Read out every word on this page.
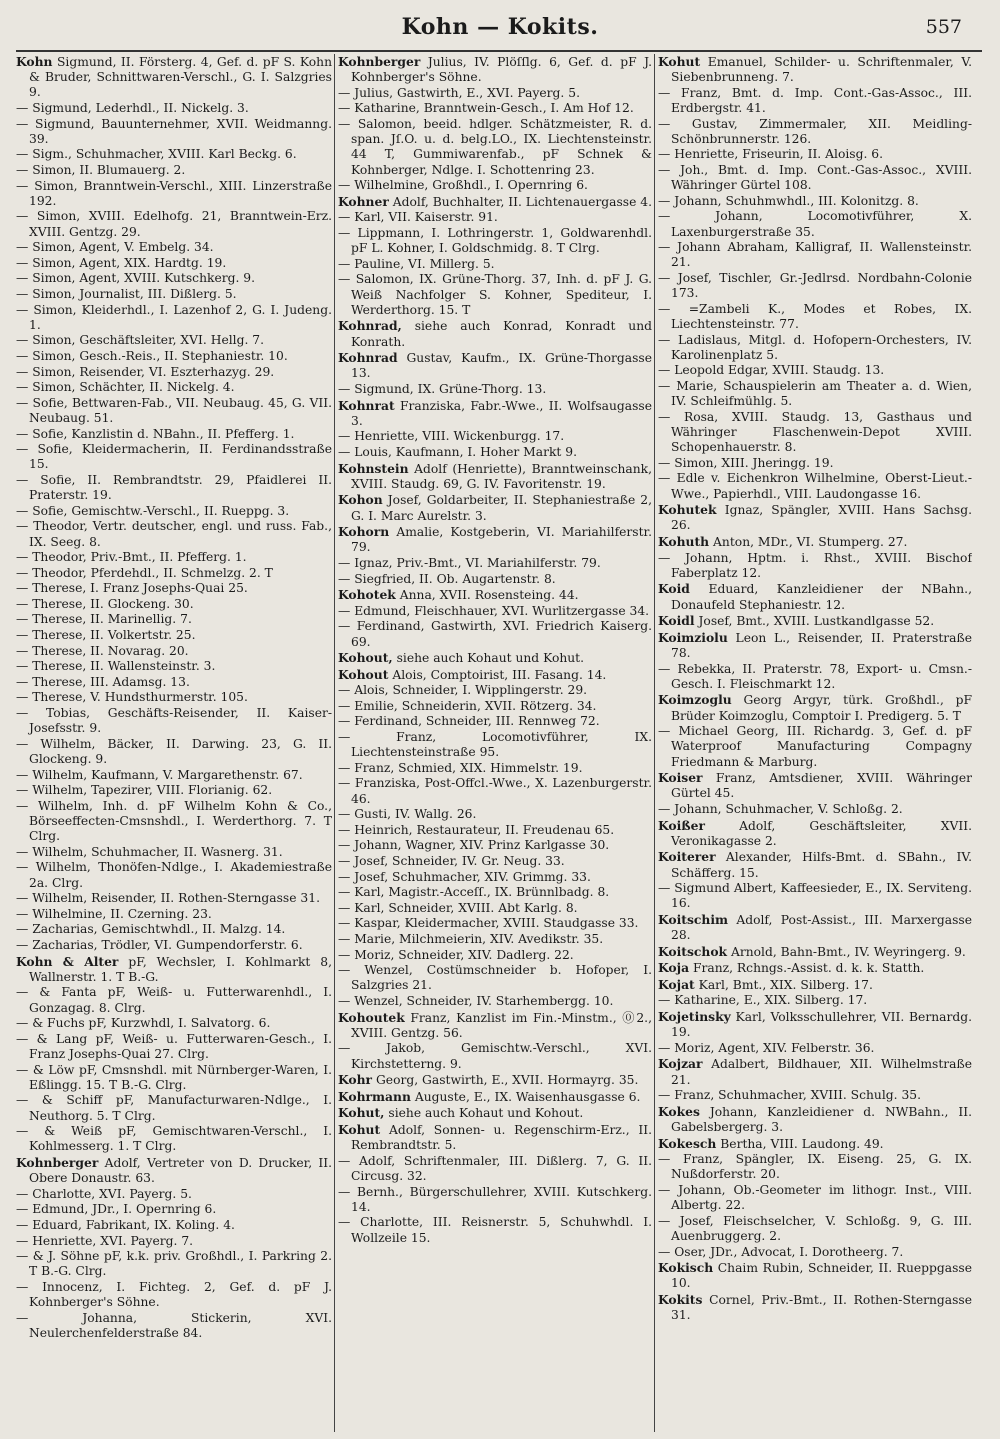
Kohn — Kokits.	557

Kohn Sigmund, II. Försterg. 4, Gef. d. pF S. Kohn & Bruder, Schnittwaren-Verschl., G. I. Salzgries 9.

— Sigmund, Lederhdl., II. Nickelg. 3.

— Sigmund, Bauunternehmer, XVII. Weidmanng. 39.

— Sigm., Schuhmacher, XVIII. Karl Beckg. 6.

— Simon, II. Blumauerg. 2.

— Simon, Branntwein-Verschl., XIII. Linzerstraße 192.

— Simon, XVIII. Edelhofg. 21, Branntwein-Erz. XVIII. Gentzg. 29.

— Simon, Agent, V. Embelg. 34.

— Simon, Agent, XIX. Hardtg. 19.

— Simon, Agent, XVIII. Kutschkerg. 9.

— Simon, Journalist, III. Dißlerg. 5.

— Simon, Kleiderhdl., I. Lazenhof 2, G. I. Judeng. 1.

— Simon, Geschäftsleiter, XVI. Hellg. 7.

— Simon, Gesch.-Reis., II. Stephaniestr. 10.

— Simon, Reisender, VI. Eszterhazyg. 29.

— Simon, Schächter, II. Nickelg. 4.

— Sofie, Bettwaren-Fab., VII. Neubaug. 45, G. VII. Neubaug. 51.

— Sofie, Kanzlistin d. NBahn., II. Pfefferg. 1.

— Sofie, Kleidermacherin, II. Ferdinandsstraße 15.

— Sofie, II. Rembrandtstr. 29, Pfaidlerei II. Praterstr. 19.

— Sofie, Gemischtw.-Verschl., II. Rueppg. 3.

— Theodor, Vertr. deutscher, engl. und russ. Fab., IX. Seeg. 8.

— Theodor, Priv.-Bmt., II. Pfefferg. 1.

— Theodor, Pferdehdl., II. Schmelzg. 2. T

— Therese, I. Franz Josephs-Quai 25.

— Therese, II. Glockeng. 30.

— Therese, II. Marinellig. 7.

— Therese, II. Volkertstr. 25.

— Therese, II. Novarag. 20.

— Therese, II. Wallensteinstr. 3.

— Therese, III. Adamsg. 13.

— Therese, V. Hundsthurmerstr. 105.

— Tobias, Geschäfts-Reisender, II. Kaiser-Josefsstr. 9.

— Wilhelm, Bäcker, II. Darwing. 23, G. II. Glockeng. 9.

— Wilhelm, Kaufmann, V. Margarethenstr. 67.

— Wilhelm, Tapezirer, VIII. Florianig. 62.

— Wilhelm, Inh. d. pF Wilhelm Kohn & Co., Börseeffecten-Cmsnshdl., I. Werderthorg. 7. T Clrg.

— Wilhelm, Schuhmacher, II. Wasnerg. 31.

— Wilhelm, Thonöfen-Ndlge., I. Akademiestraße 2a. Clrg.

— Wilhelm, Reisender, II. Rothen-Sterngasse 31.

— Wilhelmine, II. Czerning. 23.

— Zacharias, Gemischtwhdl., II. Malzg. 14.

— Zacharias, Trödler, VI. Gumpendorferstr. 6.

Kohn & Alter pF, Wechsler, I. Kohlmarkt 8, Wallnerstr. 1. T B.-G.

— & Fanta pF, Weiß- u. Futterwarenhdl., I. Gonzagag. 8. Clrg.

— & Fuchs pF, Kurzwhdl, I. Salvatorg. 6.

— & Lang pF, Weiß- u. Futterwaren-Gesch., I. Franz Josephs-Quai 27. Clrg.

— & Löw pF, Cmsnshdl. mit Nürnberger-Waren, I. Eßlingg. 15. T B.-G. Clrg.

— & Schiff pF, Manufacturwaren-Ndlge., I. Neuthorg. 5. T Clrg.

— & Weiß pF, Gemischtwaren-Verschl., I. Kohlmesserg. 1. T Clrg.

Kohnberger Adolf, Vertreter von D. Drucker, II. Obere Donaustr. 63.

— Charlotte, XVI. Payerg. 5.

— Edmund, JDr., I. Opernring 6.

— Eduard, Fabrikant, IX. Koling. 4.

— Henriette, XVI. Payerg. 7.

— & J. Söhne pF, k.k. priv. Großhdl., I. Parkring 2. T B.-G. Clrg.

— Innocenz, I. Fichteg. 2, Gef. d. pF J. Kohnberger's Söhne.

— Johanna, Stickerin, XVI. Neulerchenfelderstraße 84.

Kohnberger Julius, IV. Plöſſlg. 6, Gef. d. pF J. Kohnberger's Söhne.

— Julius, Gastwirth, E., XVI. Payerg. 5.

— Katharine, Branntwein-Gesch., I. Am Hof 12.

— Salomon, beeid. hdlger. Schätzmeister, R. d. span. Jſ.O. u. d. belg.LO., IX. Liechtensteinstr. 44 T, Gummiwarenfab., pF Schnek & Kohnberger, Ndlge. I. Schottenring 23.

— Wilhelmine, Großhdl., I. Opernring 6.

Kohner Adolf, Buchhalter, II. Lichtenauergasse 4.

— Karl, VII. Kaiserstr. 91.

— Lippmann, I. Lothringerstr. 1, Goldwarenhdl. pF L. Kohner, I. Goldschmidg. 8. T Clrg.

— Pauline, VI. Millerg. 5.

— Salomon, IX. Grüne-Thorg. 37, Inh. d. pF J. G. Weiß Nachfolger S. Kohner, Spediteur, I. Werderthorg. 15. T

Kohnrad, siehe auch Konrad, Konradt und Konrath.

Kohnrad Gustav, Kaufm., IX. Grüne-Thorgasse 13.

— Sigmund, IX. Grüne-Thorg. 13.

Kohnrat Franziska, Fabr.-Wwe., II. Wolfsaugasse 3.

— Henriette, VIII. Wickenburgg. 17.

— Louis, Kaufmann, I. Hoher Markt 9.

Kohnstein Adolf (Henriette), Branntweinschank, XVIII. Staudg. 69, G. IV. Favoritenstr. 19.

Kohon Josef, Goldarbeiter, II. Stephaniestraße 2, G. I. Marc Aurelstr. 3.

Kohorn Amalie, Kostgeberin, VI. Mariahilferstr. 79.

— Ignaz, Priv.-Bmt., VI. Mariahilferstr. 79.

— Siegfried, II. Ob. Augartenstr. 8.

Kohotek Anna, XVII. Rosensteing. 44.

— Edmund, Fleischhauer, XVI. Wurlitzergasse 34.

— Ferdinand, Gastwirth, XVI. Friedrich Kaiserg. 69.

Kohout, siehe auch Kohaut und Kohut.

Kohout Alois, Comptoirist, III. Fasang. 14.

— Alois, Schneider, I. Wipplingerstr. 29.

— Emilie, Schneiderin, XVII. Rötzerg. 34.

— Ferdinand, Schneider, III. Rennweg 72.

— Franz, Locomotivführer, IX. Liechtensteinstraße 95.

— Franz, Schmied, XIX. Himmelstr. 19.

— Franziska, Post-Offcl.-Wwe., X. Lazenburgerstr. 46.

— Gusti, IV. Wallg. 26.

— Heinrich, Restaurateur, II. Freudenau 65.

— Johann, Wagner, XIV. Prinz Karlgasse 30.

— Josef, Schneider, IV. Gr. Neug. 33.

— Josef, Schuhmacher, XIV. Grimmg. 33.

— Karl, Magistr.-Acceſſ., IX. Brünnlbadg. 8.

— Karl, Schneider, XVIII. Abt Karlg. 8.

— Kaspar, Kleidermacher, XVIII. Staudgasse 33.

— Marie, Milchmeierin, XIV. Avedikstr. 35.

— Moriz, Schneider, XIV. Dadlerg. 22.

— Wenzel, Costümschneider b. Hofoper, I. Salzgries 21.

— Wenzel, Schneider, IV. Starhembergg. 10.

Kohoutek Franz, Kanzlist im Fin.-Minstm., ⓪2., XVIII. Gentzg. 56.

— Jakob, Gemischtw.-Verschl., XVI. Kirchstetterng. 9.

Kohr Georg, Gastwirth, E., XVII. Hormayrg. 35.

Kohrmann Auguste, E., IX. Waisenhausgasse 6.

Kohut, siehe auch Kohaut und Kohout.

Kohut Adolf, Sonnen- u. Regenschirm-Erz., II. Rembrandtstr. 5.

— Adolf, Schriftenmaler, III. Dißlerg. 7, G. II. Circusg. 32.

— Bernh., Bürgerschullehrer, XVIII. Kutschkerg. 14.

— Charlotte, III. Reisnerstr. 5, Schuhwhdl. I. Wollzeile 15.

Kohut Emanuel, Schilder- u. Schriftenmaler, V. Siebenbrunneng. 7.

— Franz, Bmt. d. Imp. Cont.-Gas-Assoc., III. Erdbergstr. 41.

— Gustav, Zimmermaler, XII. Meidling-Schönbrunnerstr. 126.

— Henriette, Friseurin, II. Aloisg. 6.

— Joh., Bmt. d. Imp. Cont.-Gas-Assoc., XVIII. Währinger Gürtel 108.

— Johann, Schuhmwhdl., III. Kolonitzg. 8.

— Johann, Locomotivführer, X. Laxenburgerstraße 35.

— Johann Abraham, Kalligraf, II. Wallensteinstr. 21.

— Josef, Tischler, Gr.-Jedlrsd. Nordbahn-Colonie 173.

— =Zambeli K., Modes et Robes, IX. Liechtensteinstr. 77.

— Ladislaus, Mitgl. d. Hofopern-Orchesters, IV. Karolinenplatz 5.

— Leopold Edgar, XVIII. Staudg. 13.

— Marie, Schauspielerin am Theater a. d. Wien, IV. Schleifmühlg. 5.

— Rosa, XVIII. Staudg. 13, Gasthaus und Währinger Flaschenwein-Depot XVIII. Schopenhauerstr. 8.

— Simon, XIII. Jheringg. 19.

— Edle v. Eichenkron Wilhelmine, Oberst-Lieut.-Wwe., Papierhdl., VIII. Laudongasse 16.

Kohutek Ignaz, Spängler, XVIII. Hans Sachsg. 26.

Kohuth Anton, MDr., VI. Stumperg. 27.

— Johann, Hptm. i. Rhst., XVIII. Bischof Faberplatz 12.

Koid Eduard, Kanzleidiener der NBahn., Donaufeld Stephaniestr. 12.

Koidl Josef, Bmt., XVIII. Lustkandlgasse 52.

Koimziolu Leon L., Reisender, II. Praterstraße 78.

— Rebekka, II. Praterstr. 78, Export- u. Cmsn.-Gesch. I. Fleischmarkt 12.

Koimzoglu Georg Argyr, türk. Großhdl., pF Brüder Koimzoglu, Comptoir I. Predigerg. 5. T

— Michael Georg, III. Richardg. 3, Gef. d. pF Waterproof Manufacturing Compagny Friedmann & Marburg.

Koiser Franz, Amtsdiener, XVIII. Währinger Gürtel 45.

— Johann, Schuhmacher, V. Schloßg. 2.

Koißer	Adolf, Geschäftsleiter, XVII. Veronikagasse 2.

Koiterer Alexander, Hilfs-Bmt. d. SBahn., IV. Schäfferg. 15.

— Sigmund Albert, Kaffeesieder, E., IX. Serviteng. 16.

Koitschim Adolf, Post-Assist., III. Marxergasse 28.

Koitschok Arnold, Bahn-Bmt., IV. Weyringerg. 9.

Koja Franz, Rchngs.-Assist. d. k. k. Statth.

Kojat Karl, Bmt., XIX. Silberg. 17.

— Katharine, E., XIX. Silberg. 17.

Kojetinsky Karl, Volksschullehrer, VII. Bernardg. 19.

— Moriz, Agent, XIV. Felberstr. 36.

Kojzar Adalbert, Bildhauer, XII. Wilhelmstraße 21.

— Franz, Schuhmacher, XVIII. Schulg. 35.

Kokes Johann, Kanzleidiener d. NWBahn., II. Gabelsbergerg. 3.

Kokesch Bertha, VIII. Laudong. 49.

— Franz, Spängler, IX. Eiseng. 25, G. IX. Nußdorferstr. 20.

— Johann, Ob.-Geometer im lithogr. Inst., VIII. Albertg. 22.

— Josef, Fleischselcher, V. Schloßg. 9, G. III. Auenbruggerg. 2.

— Oser, JDr., Advocat, I. Dorotheerg. 7.

Kokisch Chaim Rubin, Schneider, II. Rueppgasse 10.

Kokits Cornel, Priv.-Bmt., II. Rothen-Sterngasse 31.
